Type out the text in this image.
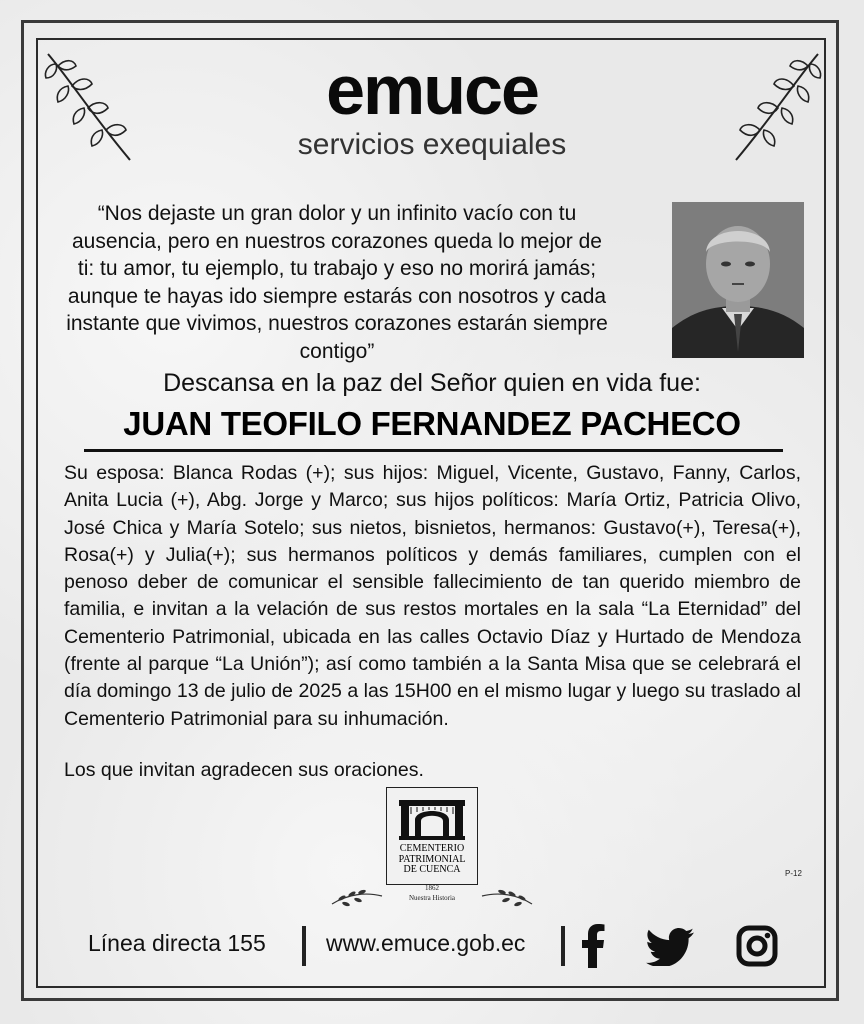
emuce
servicios exequiales
“Nos dejaste un gran dolor y un infinito vacío con tu ausencia, pero en nuestros corazones queda lo mejor de ti: tu amor, tu ejemplo, tu trabajo y eso no morirá jamás; aunque te hayas ido siempre estarás con nosotros y cada instante que vivimos, nuestros corazones estarán siempre contigo”
Descansa en la paz del Señor quien en vida fue:
JUAN TEOFILO FERNANDEZ PACHECO
Su esposa: Blanca Rodas (+); sus hijos: Miguel, Vicente, Gustavo, Fanny, Carlos, Anita Lucia (+), Abg. Jorge y Marco; sus hijos políticos: María Ortiz, Patricia Olivo, José Chica y María Sotelo; sus nietos, bisnietos, hermanos: Gustavo(+), Teresa(+), Rosa(+) y Julia(+); sus hermanos políticos y demás familiares, cumplen con el penoso deber de comunicar el sensible fallecimiento de tan querido miembro de familia, e invitan a la velación de sus restos mortales en la sala “La Eternidad” del Cementerio Patrimonial, ubicada en las calles Octavio Díaz y Hurtado de Mendoza (frente al parque “La Unión”); así como también a la Santa Misa que se celebrará el día domingo 13 de julio de 2025 a las 15H00 en el mismo lugar y luego su traslado al Cementerio Patrimonial para su inhumación.
Los que invitan agradecen sus oraciones.
CEMENTERIO
PATRIMONIAL
DE CUENCA
1862
Nuestra Historia
P-12
Línea directa 155	www.emuce.gob.ec
